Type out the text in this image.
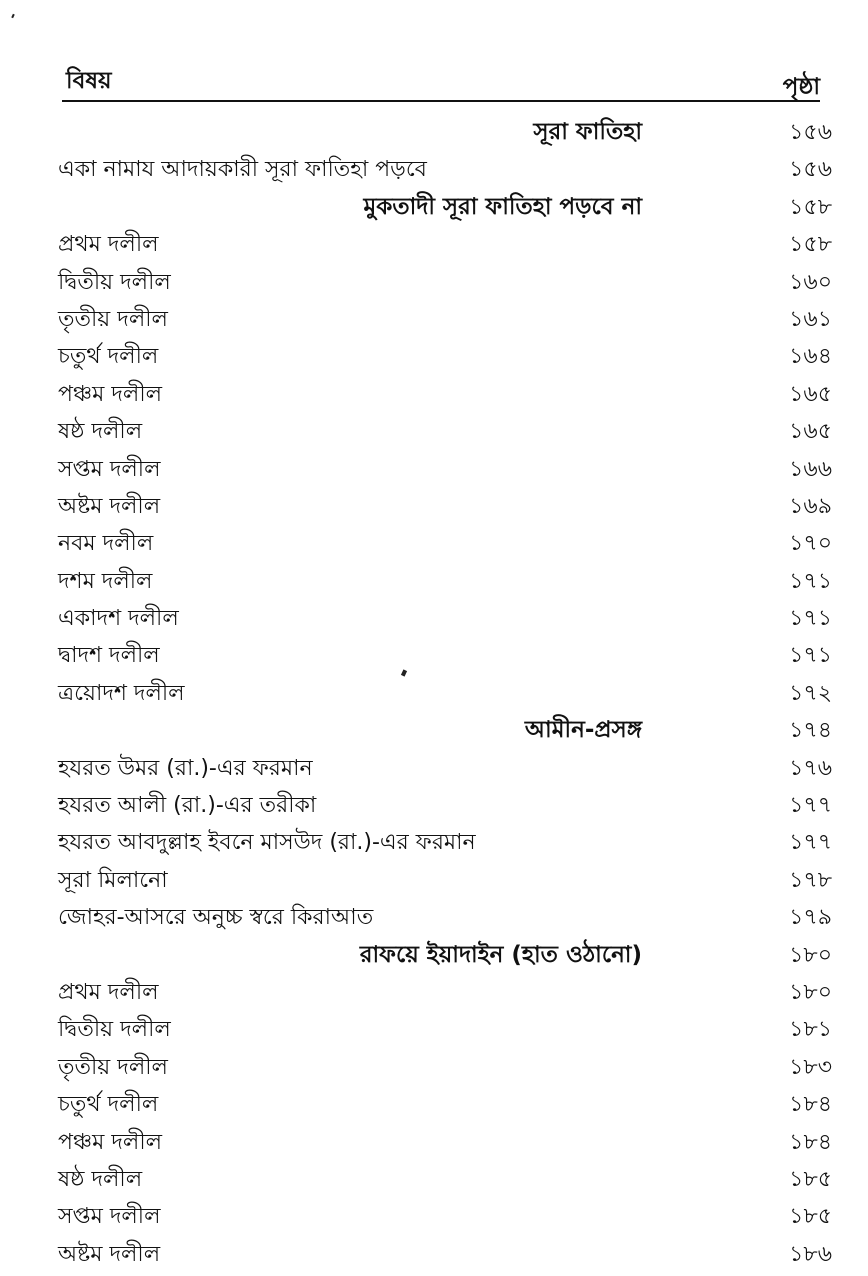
বিষয়	পৃষ্ঠা
সূরা ফাতিহা	১৫৬
একা নামায আদায়কারী সূরা ফাতিহা পড়বে	১৫৬
মুকতাদী সূরা ফাতিহা পড়বে না	১৫৮
প্রথম দলীল	১৫৮
দ্বিতীয় দলীল	১৬০
তৃতীয় দলীল	১৬১
চতুর্থ দলীল	১৬৪
পঞ্চম দলীল	১৬৫
ষষ্ঠ দলীল	১৬৫
সপ্তম দলীল	১৬৬
অষ্টম দলীল	১৬৯
নবম দলীল	১৭০
দশম দলীল	১৭১
একাদশ দলীল	১৭১
দ্বাদশ দলীল	১৭১
ত্রয়োদশ দলীল	১৭২
আমীন-প্রসঙ্গ	১৭৪
হযরত উমর (রা.)-এর ফরমান	১৭৬
হযরত আলী (রা.)-এর তরীকা	১৭৭
হযরত আবদুল্লাহ ইবনে মাসউদ (রা.)-এর ফরমান	১৭৭
সূরা মিলানো	১৭৮
জোহর-আসরে অনুচ্চ স্বরে কিরাআত	১৭৯
রাফয়ে ইয়াদাইন (হাত ওঠানো)	১৮০
প্রথম দলীল	১৮০
দ্বিতীয় দলীল	১৮১
তৃতীয় দলীল	১৮৩
চতুর্থ দলীল	১৮৪
পঞ্চম দলীল	১৮৪
ষষ্ঠ দলীল	১৮৫
সপ্তম দলীল	১৮৫
অষ্টম দলীল	১৮৬
